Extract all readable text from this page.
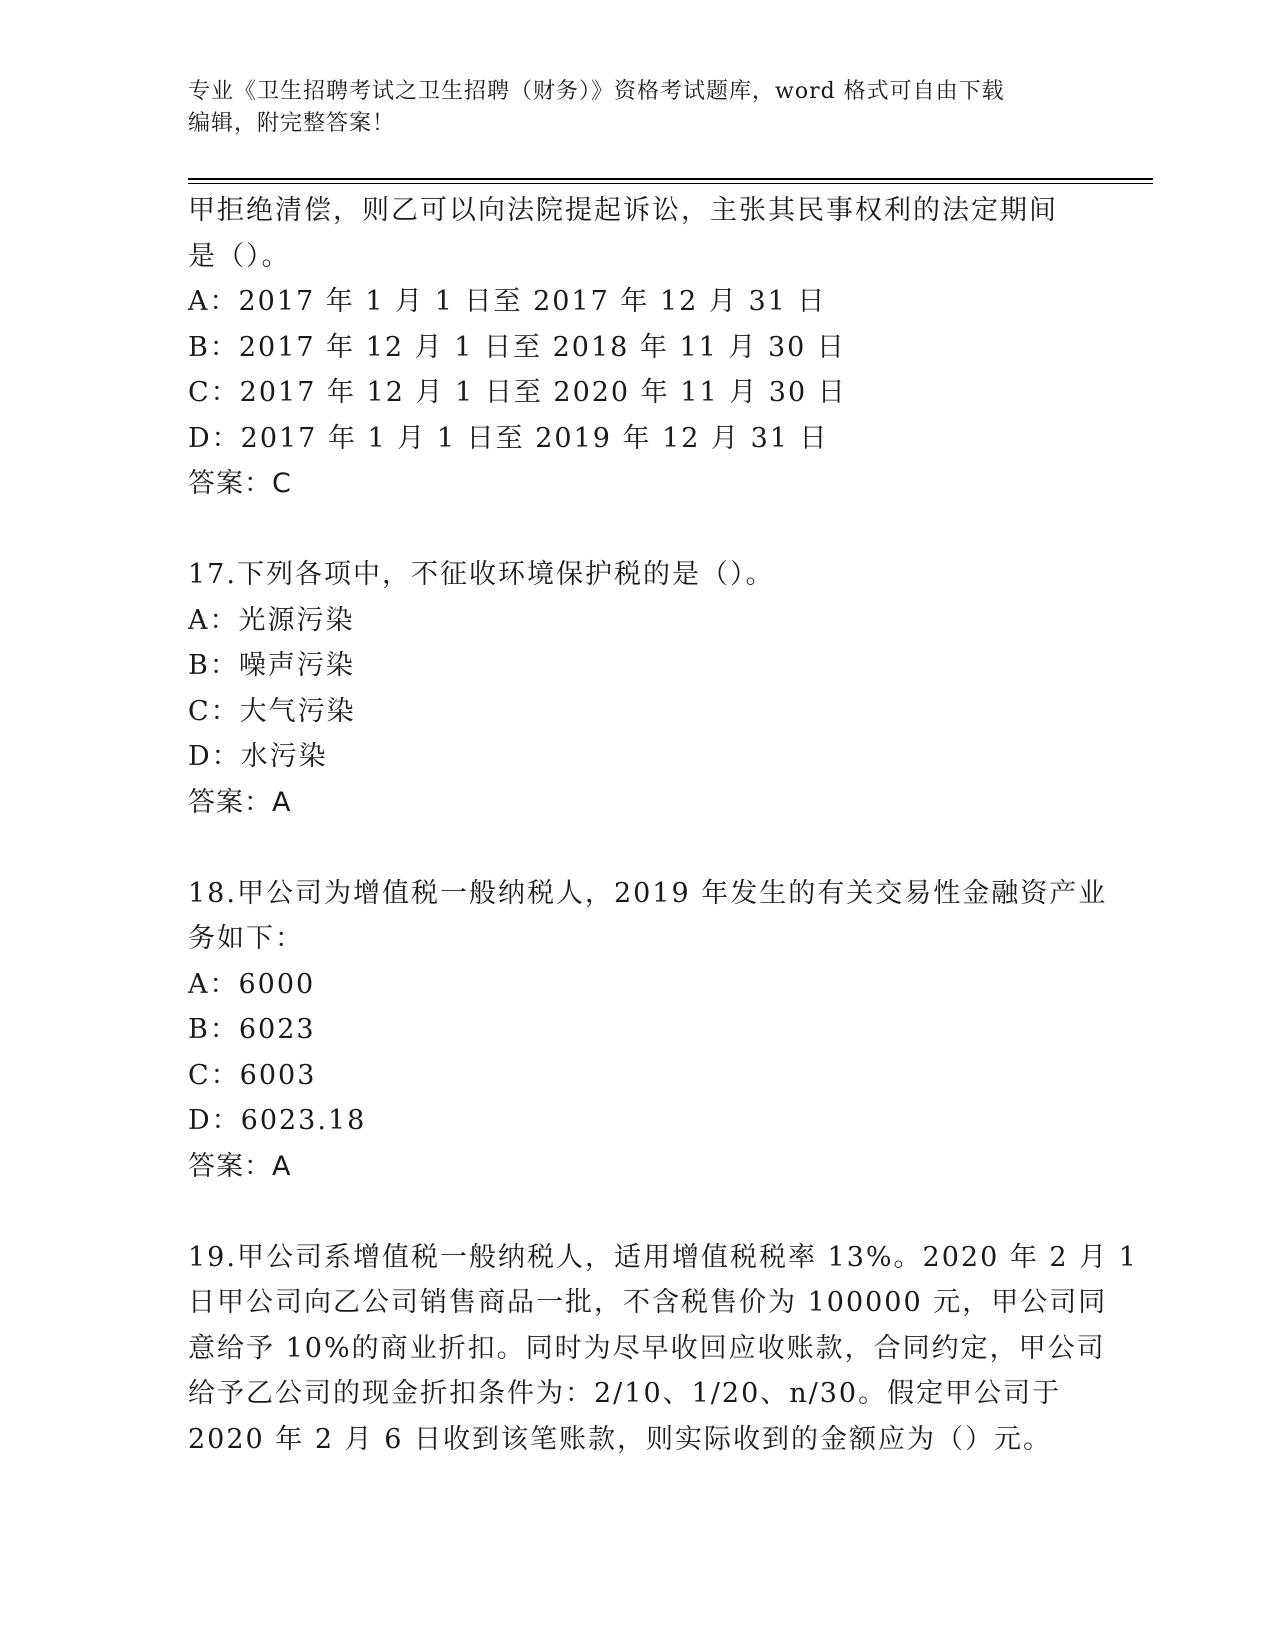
专业《卫生招聘考试之卫生招聘（财务）》资格考试题库，word 格式可自由下载
编辑，附完整答案！
甲拒绝清偿，则乙可以向法院提起诉讼，主张其民事权利的法定期间
是（）。
A：2017 年 1 月 1 日至 2017 年 12 月 31 日
B：2017 年 12 月 1 日至 2018 年 11 月 30 日
C：2017 年 12 月 1 日至 2020 年 11 月 30 日
D：2017 年 1 月 1 日至 2019 年 12 月 31 日
答案：C
17.下列各项中，不征收环境保护税的是（）。
A：光源污染
B：噪声污染
C：大气污染
D：水污染
答案：A
18.甲公司为增值税一般纳税人，2019 年发生的有关交易性金融资产业
务如下：
A：6000
B：6023
C：6003
D：6023.18
答案：A
19.甲公司系增值税一般纳税人，适用增值税税率 13%。2020 年 2 月 1
日甲公司向乙公司销售商品一批，不含税售价为 100000 元，甲公司同
意给予 10%的商业折扣。同时为尽早收回应收账款，合同约定，甲公司
给予乙公司的现金折扣条件为：2/10、1/20、n/30。假定甲公司于
2020 年 2 月 6 日收到该笔账款，则实际收到的金额应为（）元。
